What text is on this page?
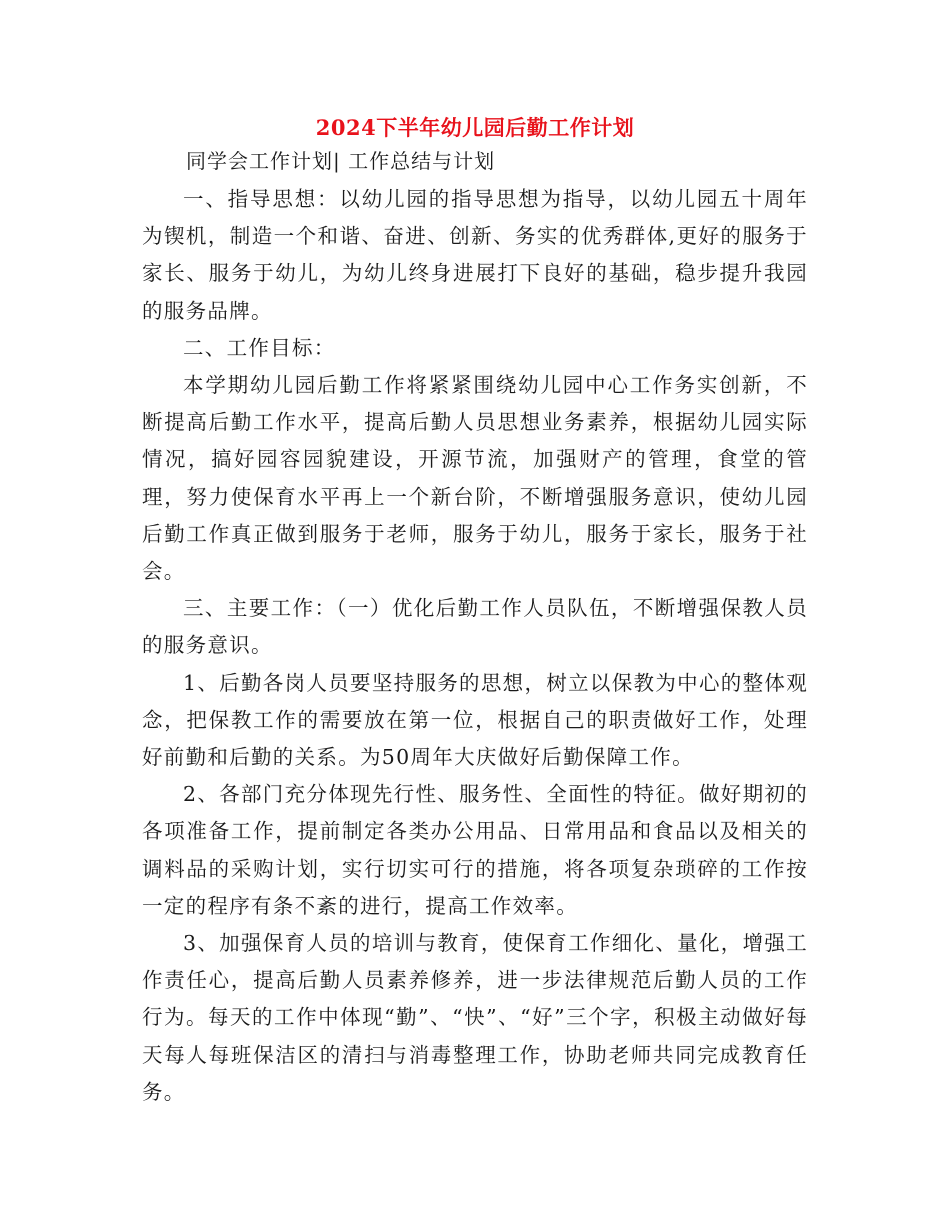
2024下半年幼儿园后勤工作计划

同学会工作计划| 工作总结与计划

一、指导思想：以幼儿园的指导思想为指导，以幼儿园五十周年为锲机，制造一个和谐、奋进、创新、务实的优秀群体,更好的服务于家长、服务于幼儿，为幼儿终身进展打下良好的基础，稳步提升我园的服务品牌。

二、工作目标：

本学期幼儿园后勤工作将紧紧围绕幼儿园中心工作务实创新，不断提高后勤工作水平，提高后勤人员思想业务素养，根据幼儿园实际情况，搞好园容园貌建设，开源节流，加强财产的管理，食堂的管理，努力使保育水平再上一个新台阶，不断增强服务意识，使幼儿园后勤工作真正做到服务于老师，服务于幼儿，服务于家长，服务于社会。

三、主要工作：（一）优化后勤工作人员队伍，不断增强保教人员的服务意识。

1、后勤各岗人员要坚持服务的思想，树立以保教为中心的整体观念，把保教工作的需要放在第一位，根据自己的职责做好工作，处理好前勤和后勤的关系。为50周年大庆做好后勤保障工作。

2、各部门充分体现先行性、服务性、全面性的特征。做好期初的各项准备工作，提前制定各类办公用品、日常用品和食品以及相关的调料品的采购计划，实行切实可行的措施，将各项复杂琐碎的工作按一定的程序有条不紊的进行，提高工作效率。

3、加强保育人员的培训与教育，使保育工作细化、量化，增强工作责任心，提高后勤人员素养修养，进一步法律规范后勤人员的工作行为。每天的工作中体现“勤”、“快”、“好”三个字，积极主动做好每天每人每班保洁区的清扫与消毒整理工作，协助老师共同完成教育任务。
